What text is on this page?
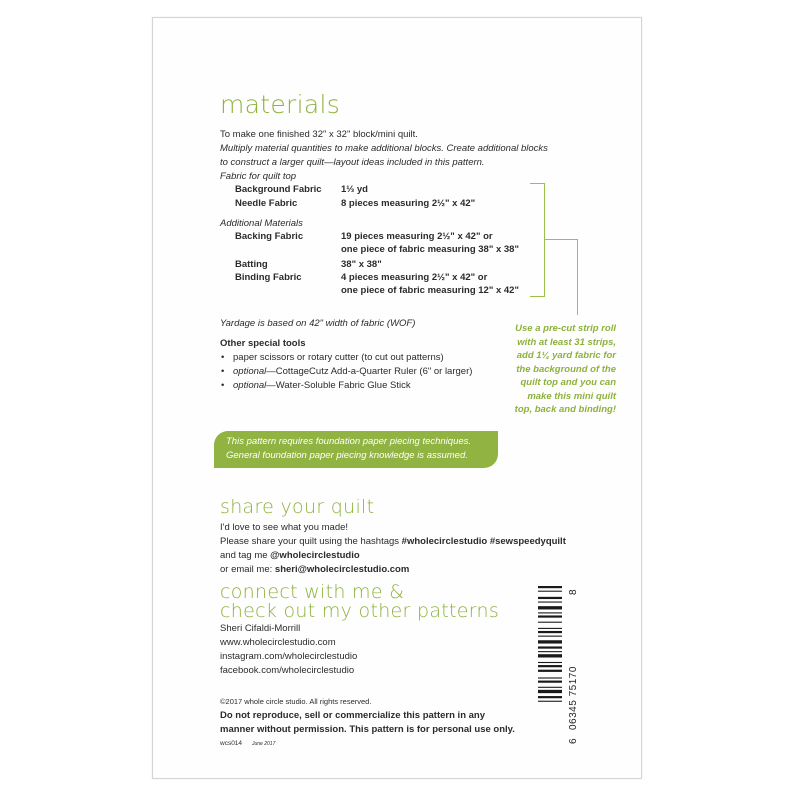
materials
To make one finished 32" x 32" block/mini quilt.
Multiply material quantities to make additional blocks. Create additional blocks
to construct a larger quilt—layout ideas included in this pattern.
Fabric for quilt top
Background Fabric 1⅓ yd
Needle Fabric	8 pieces measuring 2½" x 42"
Additional Materials
Backing Fabric	19 pieces measuring 2½" x 42" or
one piece of fabric measuring 38" x 38"
Batting	38" x 38"
Binding Fabric	4 pieces measuring 2½" x 42" or
one piece of fabric measuring 12" x 42"
Use a pre-cut strip roll
with at least 31 strips,
add 1¼ yard fabric for
the background of the
quilt top and you can
make this mini quilt
top, back and binding!
Yardage is based on 42" width of fabric (WOF)
Other special tools
• paper scissors or rotary cutter (to cut out patterns)
• optional—CottageCutz Add-a-Quarter Ruler (6" or larger)
• optional—Water-Soluble Fabric Glue Stick
This pattern requires foundation paper piecing techniques.
General foundation paper piecing knowledge is assumed.
share your quilt
I'd love to see what you made!
Please share your quilt using the hashtags #wholecirclestudio #sewspeedyquilt
and tag me @wholecirclestudio
or email me: sheri@wholecirclestudio.com
connect with me &
check out my other patterns
Sheri Cifaldi-Morrill
www.wholecirclestudio.com
instagram.com/wholecirclestudio
facebook.com/wholecirclestudio
©2017 whole circle studio. All rights reserved.
Do not reproduce, sell or commercialize this pattern in any
manner without permission. This pattern is for personal use only.
wcs014 June 2017	6
06345 75170
8
